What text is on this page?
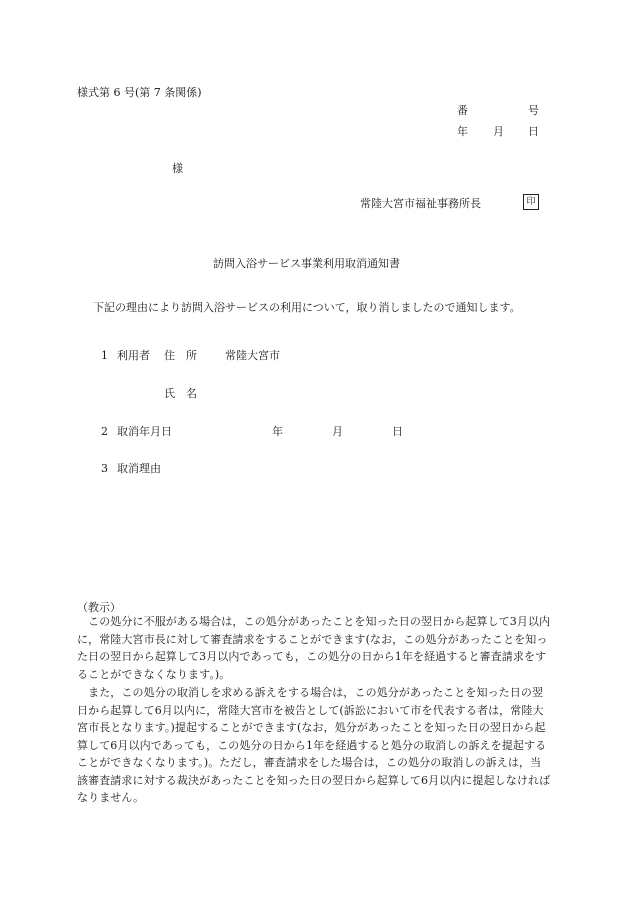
様式第 6 号(第 7 条関係)
番	号
年 月 日
様
常陸大宮市福祉事務所長	印
訪問入浴サービス事業利用取消通知書
下記の理由により訪問入浴サービスの利用について，取り消しましたので通知します。
1 利用者 住　所	常陸大宮市
氏　名
2 取消年月日	年	月	日
3 取消理由
（教示）
　この処分に不服がある場合は，この処分があったことを知った日の翌日から起算して3月以内に，常陸大宮市長に対して審査請求をすることができます(なお，この処分があったことを知った日の翌日から起算して3月以内であっても，この処分の日から1年を経過すると審査請求をすることができなくなります。)。
　また，この処分の取消しを求める訴えをする場合は，この処分があったことを知った日の翌日から起算して6月以内に，常陸大宮市を被告として(訴訟において市を代表する者は，常陸大宮市長となります。)提起することができます(なお，処分があったことを知った日の翌日から起算して6月以内であっても，この処分の日から1年を経過すると処分の取消しの訴えを提起することができなくなります。)。ただし，審査請求をした場合は，この処分の取消しの訴えは，当該審査請求に対する裁決があったことを知った日の翌日から起算して6月以内に提起しなければなりません。
